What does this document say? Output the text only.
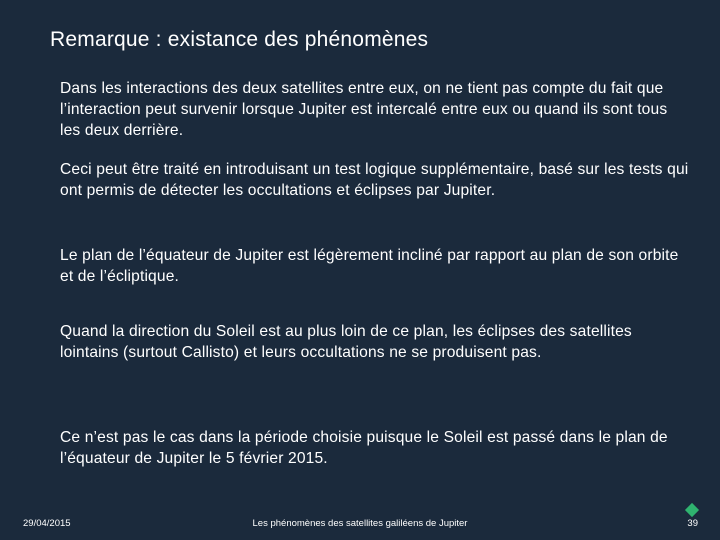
Remarque : existance des phénomènes
Dans les interactions des deux satellites entre eux, on ne tient pas compte du fait que l’interaction peut survenir lorsque Jupiter est intercalé entre eux ou quand ils sont tous les deux derrière.
Ceci peut être traité en introduisant un test logique supplémentaire, basé sur les tests qui ont permis de détecter les occultations et éclipses par Jupiter.
Le plan de l’équateur de Jupiter est légèrement incliné par rapport au plan de son orbite et de l’écliptique.
Quand la direction du Soleil est au plus loin de ce plan, les éclipses des satellites lointains (surtout Callisto) et leurs occultations ne se produisent pas.
Ce n’est pas le cas dans la période choisie puisque le Soleil est passé dans le plan de l’équateur de Jupiter le 5 février 2015.
29/04/2015	Les phénomènes des satellites galiléens de Jupiter	39
